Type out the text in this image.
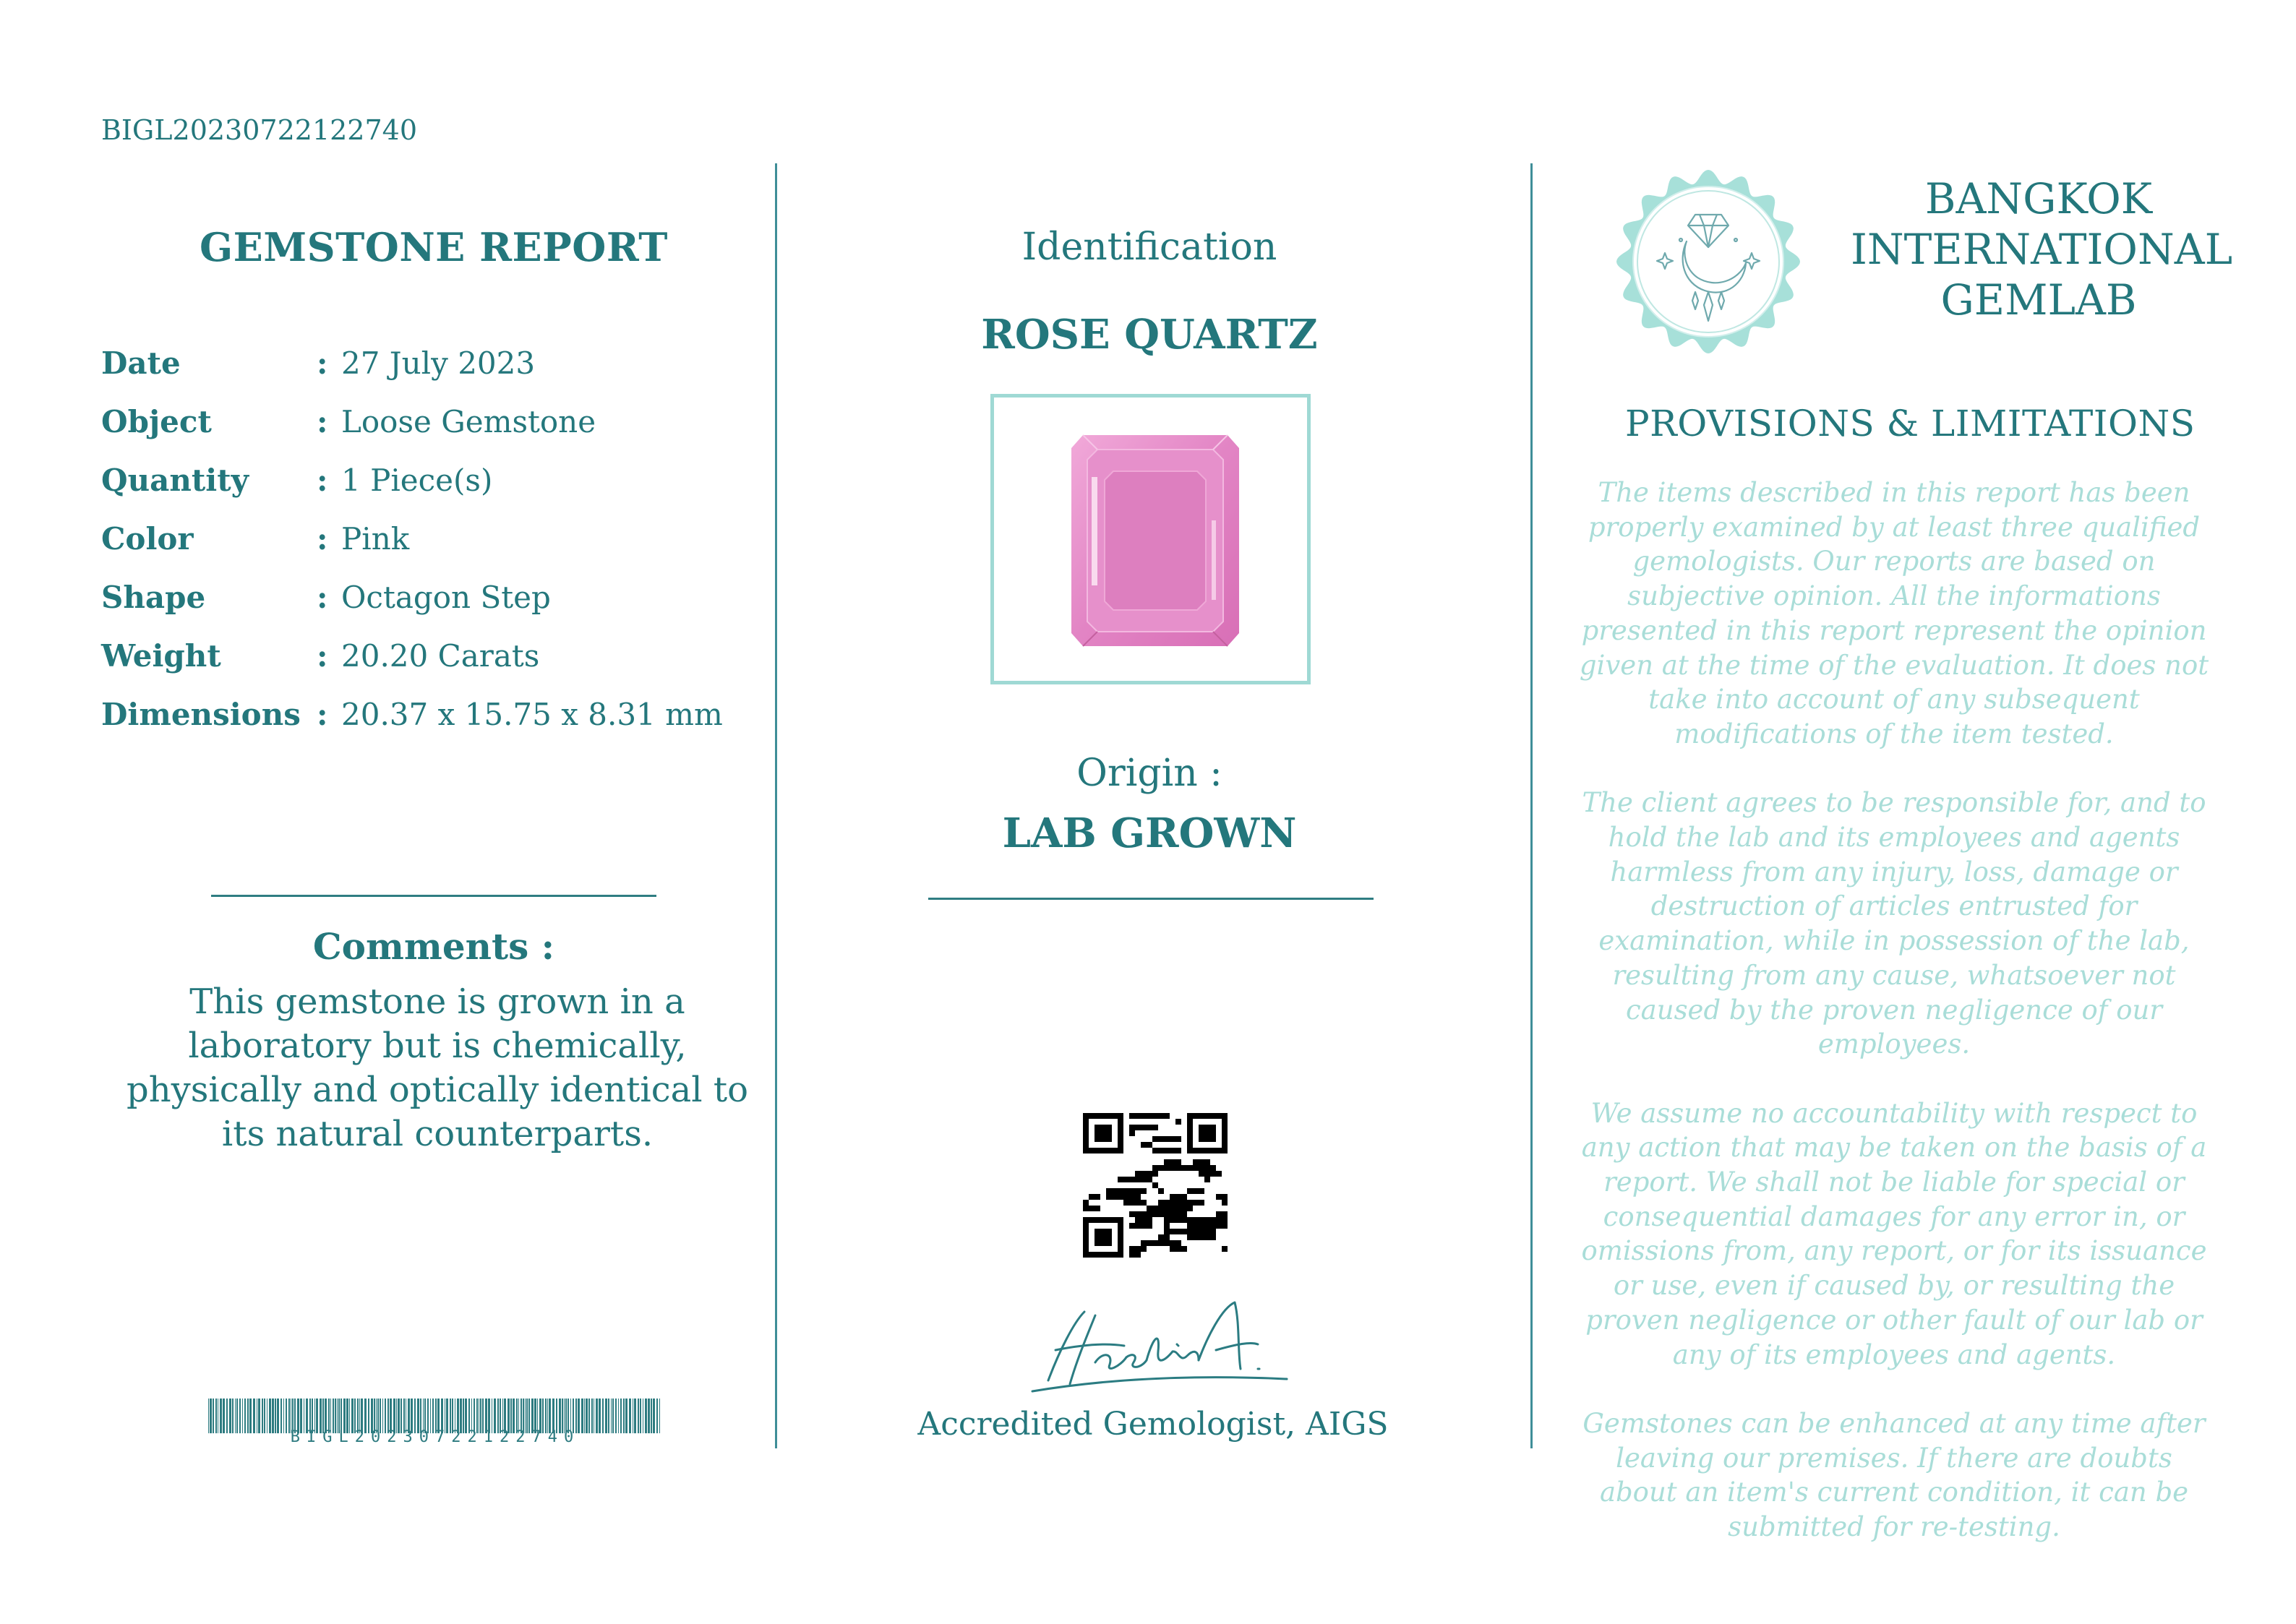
BIGL20230722122740
GEMSTONE REPORT
Date	: 27 July 2023
Object	: Loose Gemstone
Quantity : 1 Piece(s)
Color	: Pink
Shape	: Octagon Step
Weight	: 20.20 Carats
Dimensions : 20.37 x 15.75 x 8.31 mm
Comments :
This gemstone is grown in a laboratory but is chemically, physically and optically identical to its natural counterparts.
BIGL20230722122740
Identification
ROSE QUARTZ
Origin :
LAB GROWN
Accredited Gemologist, AIGS
BANGKOK
INTERNATIONAL
GEMLAB
PROVISIONS & LIMITATIONS

The items described in this report has been properly examined by at least three qualified gemologists. Our reports are based on subjective opinion. All the informations presented in this report represent the opinion given at the time of the evaluation. It does not take into account of any subsequent modifications of the item tested.

The client agrees to be responsible for, and to hold the lab and its employees and agents harmless from any injury, loss, damage or destruction of articles entrusted for examination, while in possession of the lab, resulting from any cause, whatsoever not caused by the proven negligence of our employees.

We assume no accountability with respect to any action that may be taken on the basis of a report. We shall not be liable for special or consequential damages for any error in, or omissions from, any report, or for its issuance or use, even if caused by, or resulting the proven negligence or other fault of our lab or any of its employees and agents.

Gemstones can be enhanced at any time after leaving our premises. If there are doubts about an item's current condition, it can be submitted for re-testing.
